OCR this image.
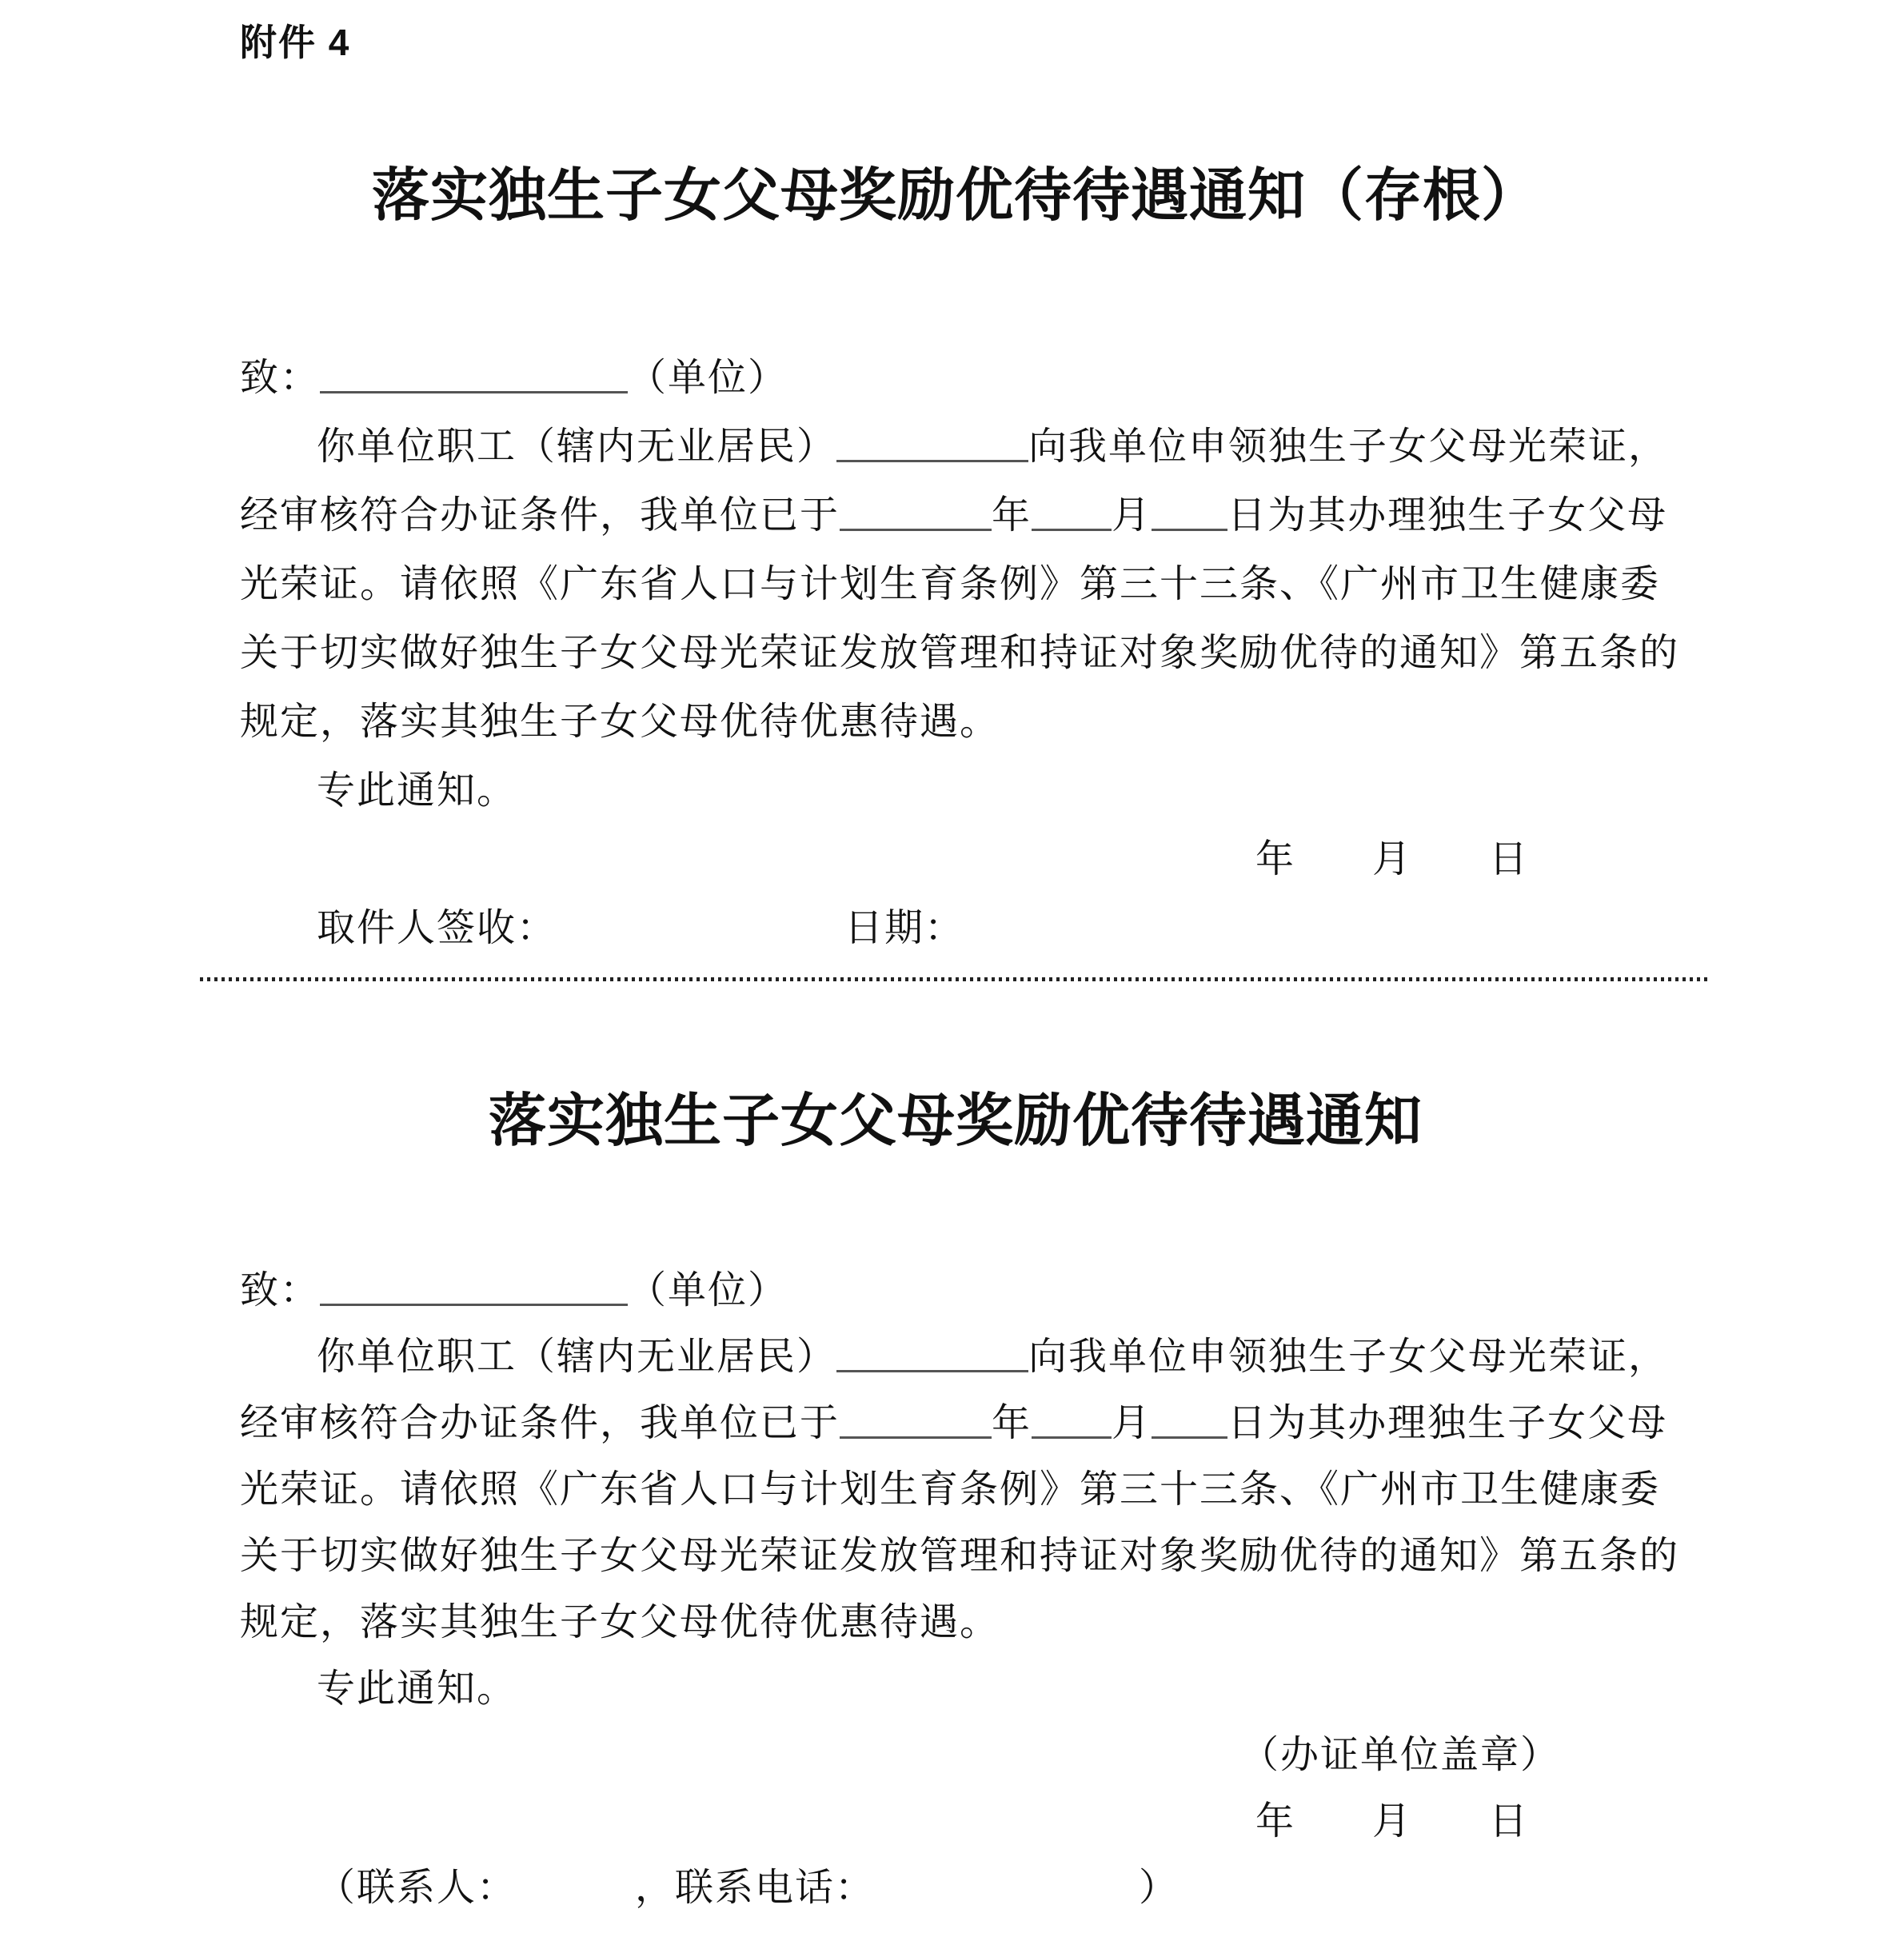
附件 4
落实独生子女父母奖励优待待遇通知（存根）
致：	（单位）
你单位职工（辖内无业居民）	向我单位申领独生子女父母光荣证，
经审核符合办证条件，我单位已于	年 月 日为其办理独生子女父母
光荣证。请依照《广东省人口与计划生育条例》第三十三条、《广州市卫生健康委
关于切实做好独生子女父母光荣证发放管理和持证对象奖励优待的通知》第五条的
规定，落实其独生子女父母优待优惠待遇。
专此通知。
年 月 日
取件人签收：	日期：
落实独生子女父母奖励优待待遇通知
致：	（单位）
你单位职工（辖内无业居民）	向我单位申领独生子女父母光荣证，
经审核符合办证条件，我单位已于	年 月 日为其办理独生子女父母
光荣证。请依照《广东省人口与计划生育条例》第三十三条、《广州市卫生健康委
关于切实做好独生子女父母光荣证发放管理和持证对象奖励优待的通知》第五条的
规定，落实其独生子女父母优待优惠待遇。
专此通知。
（办证单位盖章）
年 月 日
（联系人：	，联系电话：	）
